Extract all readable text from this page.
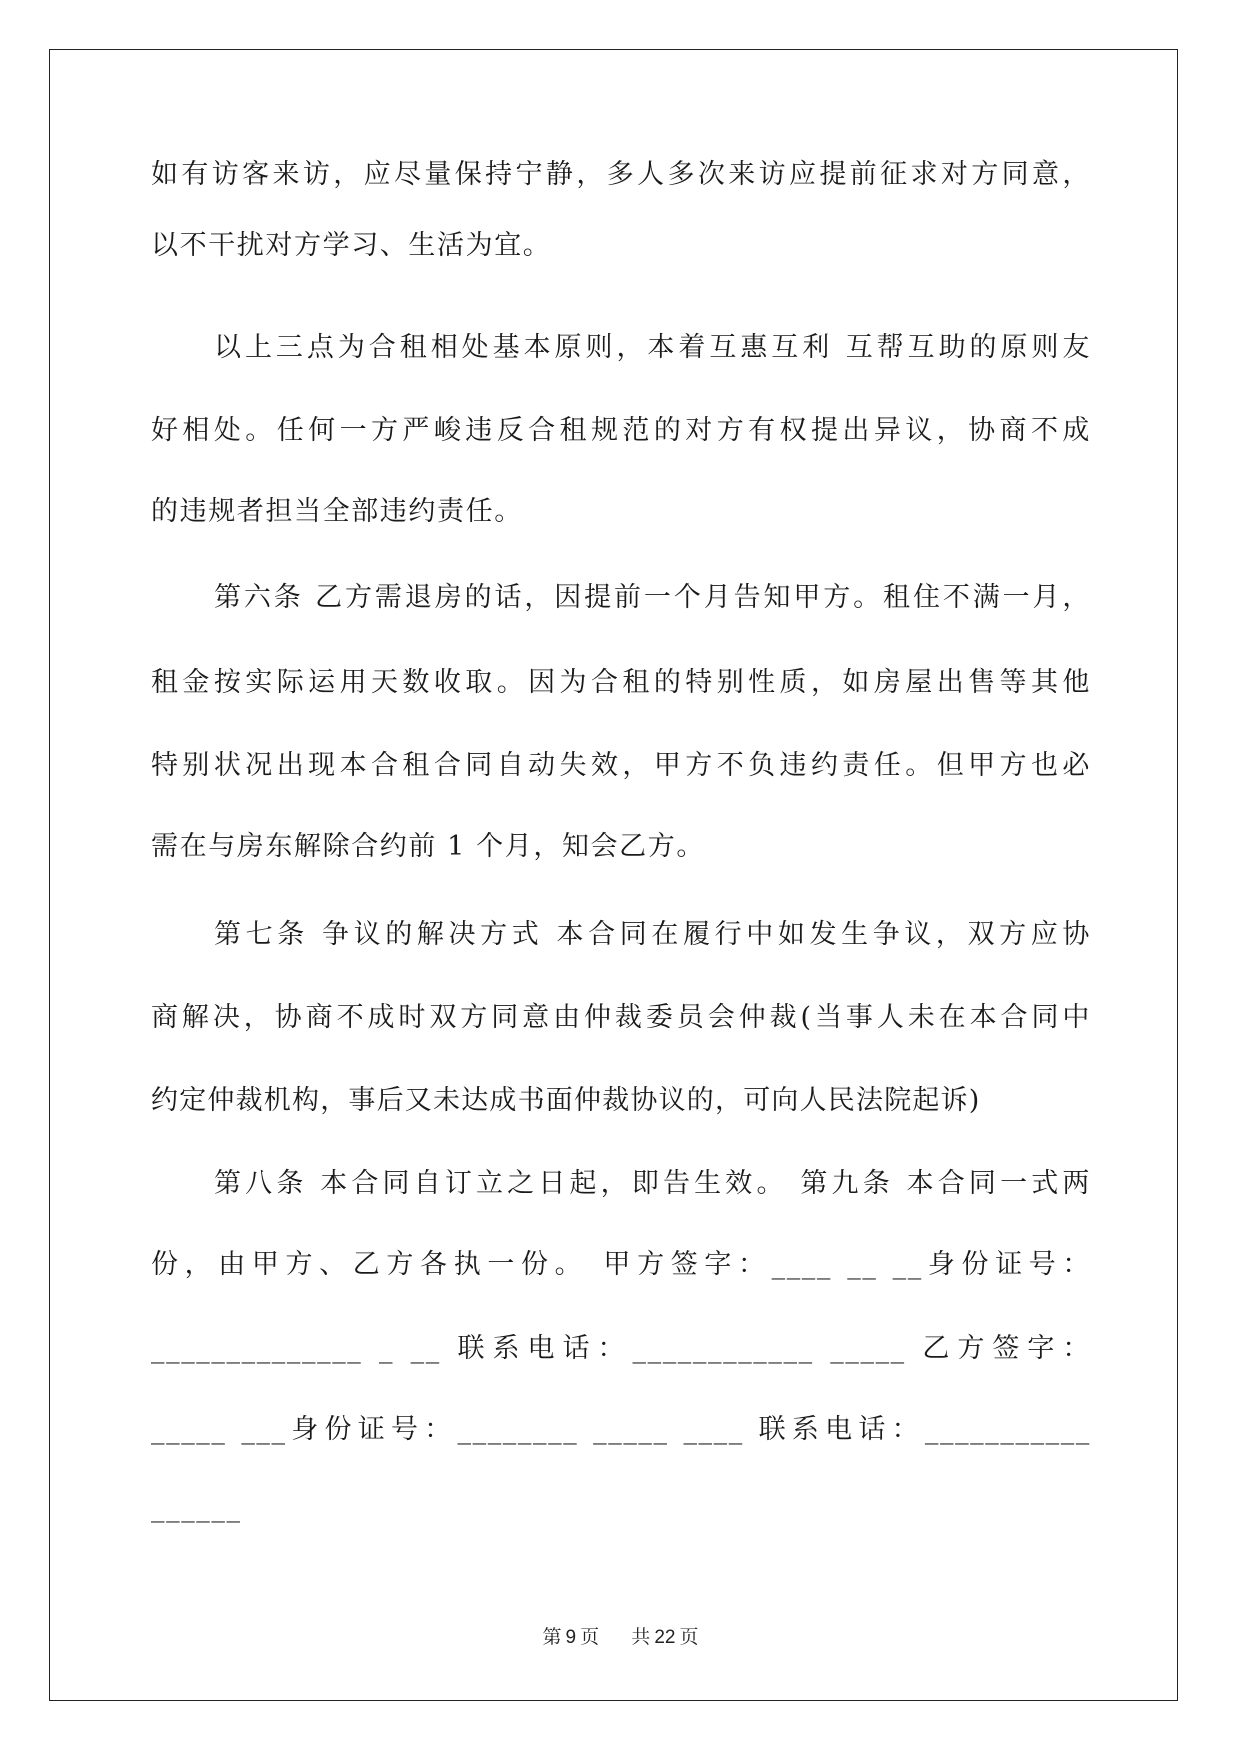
如有访客来访，应尽量保持宁静，多人多次来访应提前征求对方同意，
以不干扰对方学习、生活为宜。
以上三点为合租相处基本原则，本着互惠互利 互帮互助的原则友
好相处。任何一方严峻违反合租规范的对方有权提出异议，协商不成
的违规者担当全部违约责任。
第六条 乙方需退房的话，因提前一个月告知甲方。租住不满一月，
租金按实际运用天数收取。因为合租的特别性质，如房屋出售等其他
特别状况出现本合租合同自动失效，甲方不负违约责任。但甲方也必
需在与房东解除合约前 1 个月，知会乙方。
第七条 争议的解决方式 本合同在履行中如发生争议，双方应协
商解决，协商不成时双方同意由仲裁委员会仲裁(当事人未在本合同中
约定仲裁机构，事后又未达成书面仲裁协议的，可向人民法院起诉)
第八条 本合同自订立之日起，即告生效。 第九条 本合同一式两
份，由甲方、乙方各执一份。 甲方签字：____ __ __身份证号：
______________ _ __ 联系电话：____________ _____ 乙方签字：
_____ ___身份证号：________ _____ ____ 联系电话：___________
______
第 9 页 共 22 页
